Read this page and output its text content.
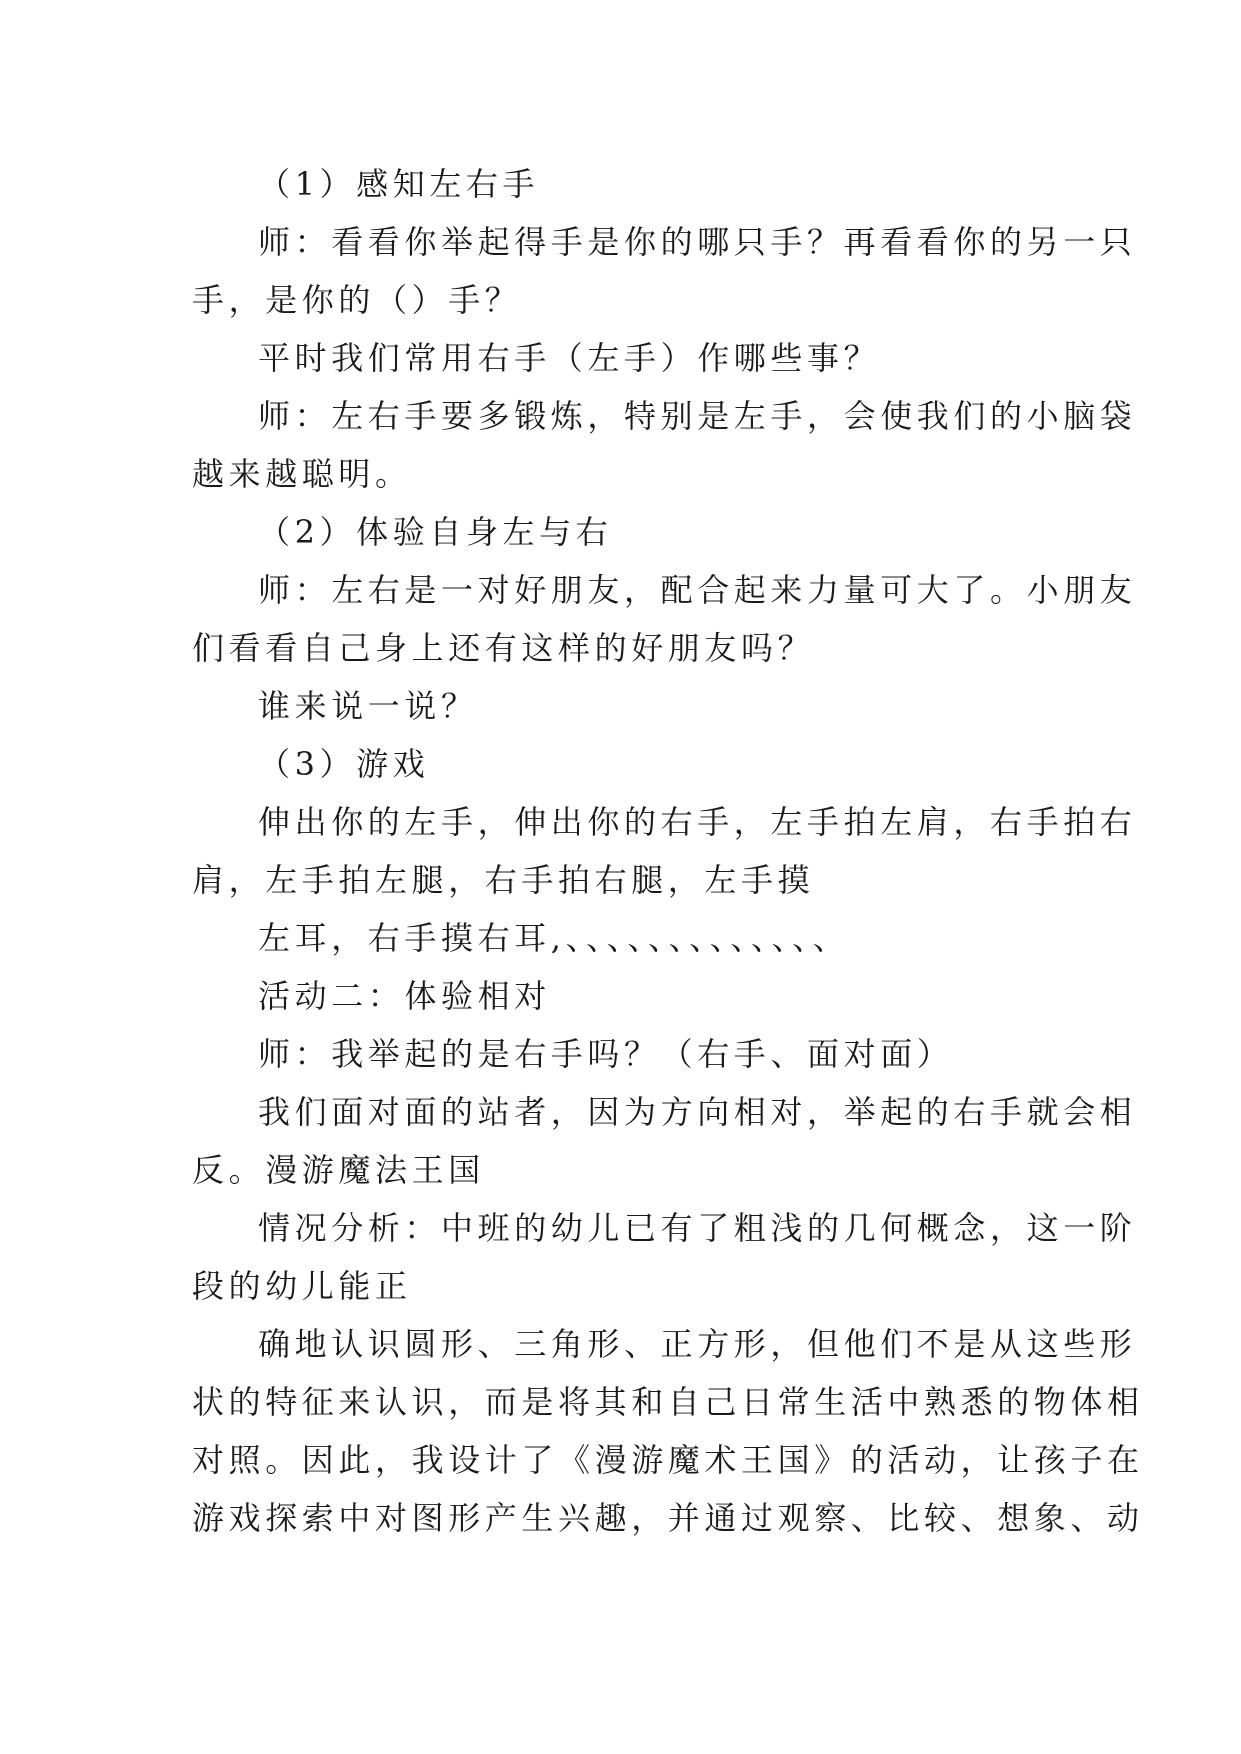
（1）感知左右手
师：看看你举起得手是你的哪只手？再看看你的另一只
手，是你的（）手？
平时我们常用右手（左手）作哪些事？
师：左右手要多锻炼，特别是左手，会使我们的小脑袋
越来越聪明。
（2）体验自身左与右
师：左右是一对好朋友，配合起来力量可大了。小朋友
们看看自己身上还有这样的好朋友吗？
谁来说一说？
（3）游戏
伸出你的左手，伸出你的右手，左手拍左肩，右手拍右
肩，左手拍左腿，右手拍右腿，左手摸
左耳，右手摸右耳,、、、、、、、、、、、、、
活动二：体验相对
师：我举起的是右手吗？（右手、面对面）
我们面对面的站者，因为方向相对，举起的右手就会相
反。漫游魔法王国
情况分析：中班的幼儿已有了粗浅的几何概念，这一阶
段的幼儿能正
确地认识圆形、三角形、正方形，但他们不是从这些形
状的特征来认识，而是将其和自己日常生活中熟悉的物体相
对照。因此，我设计了《漫游魔术王国》的活动，让孩子在
游戏探索中对图形产生兴趣，并通过观察、比较、想象、动
